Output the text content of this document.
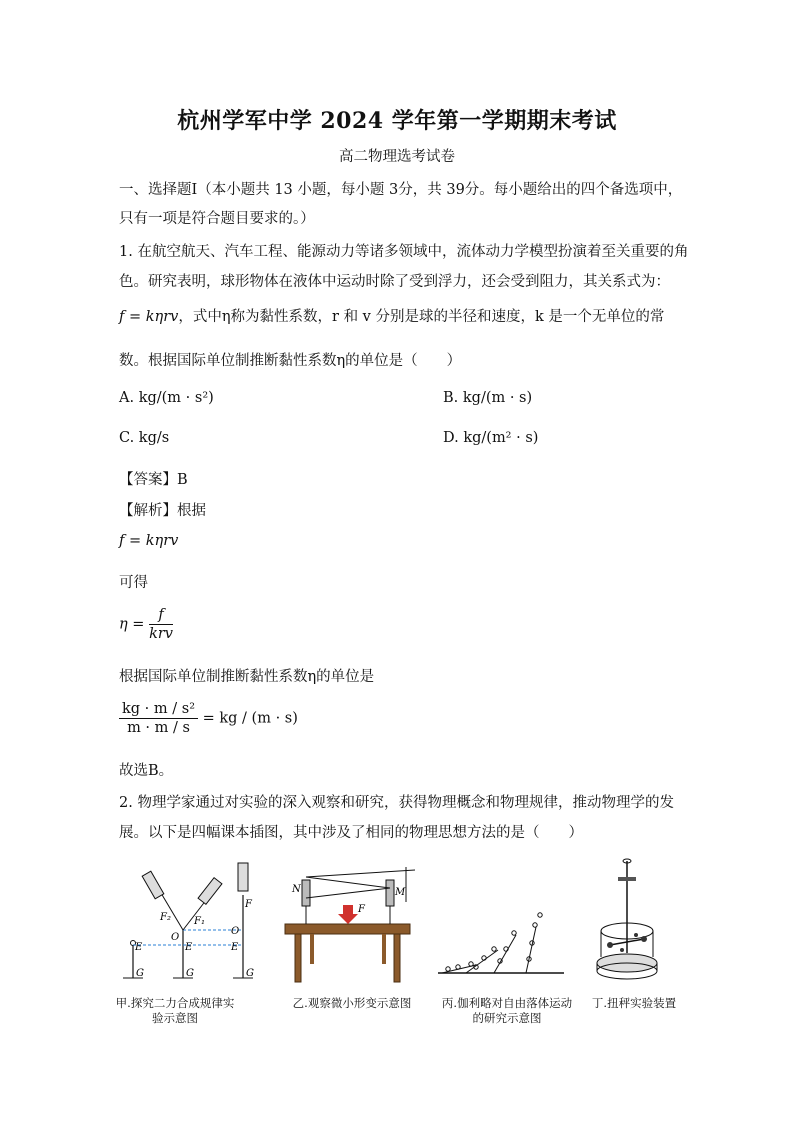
杭州学军中学 2024 学年第一学期期末考试
高二物理选考试卷
一、选择题Ⅰ（本小题共 13 小题，每小题 3分，共 39分。每小题给出的四个备选项中，
只有一项是符合题目要求的。）
1. 在航空航天、汽车工程、能源动力等诸多领域中，流体动力学模型扮演着至关重要的角
色。研究表明，球形物体在液体中运动时除了受到浮力，还会受到阻力，其关系式为：
f = kηrv，式中η称为黏性系数，r 和 v 分别是球的半径和速度，k 是一个无单位的常
数。根据国际单位制推断黏性系数η的单位是（　　）
A. kg/(m · s²)	B. kg/(m · s)
C. kg/s	D. kg/(m² · s)
【答案】B
【解析】根据
f = kηrv
可得
$\eta = \frac{f}{\text{krv}}$
根据国际单位制推断黏性系数η的单位是
$\frac{\text{kg · m / s²}}{m \cdot m / s}$ = kg / (m · s)
故选B。
2. 物理学家通过对实验的深入观察和研究，获得物理概念和物理规律，推动物理学的发
展。以下是四幅课本插图，其中涉及了相同的物理思想方法的是（　　）
F₂ F₁
F
O
O
E	E	E
G	G	G
N	M
F
甲.探究二力合成规律实
验示意图
乙.观察微小形变示意图	丙.伽利略对自由落体运动
的研究示意图
丁.扭秤实验装置
